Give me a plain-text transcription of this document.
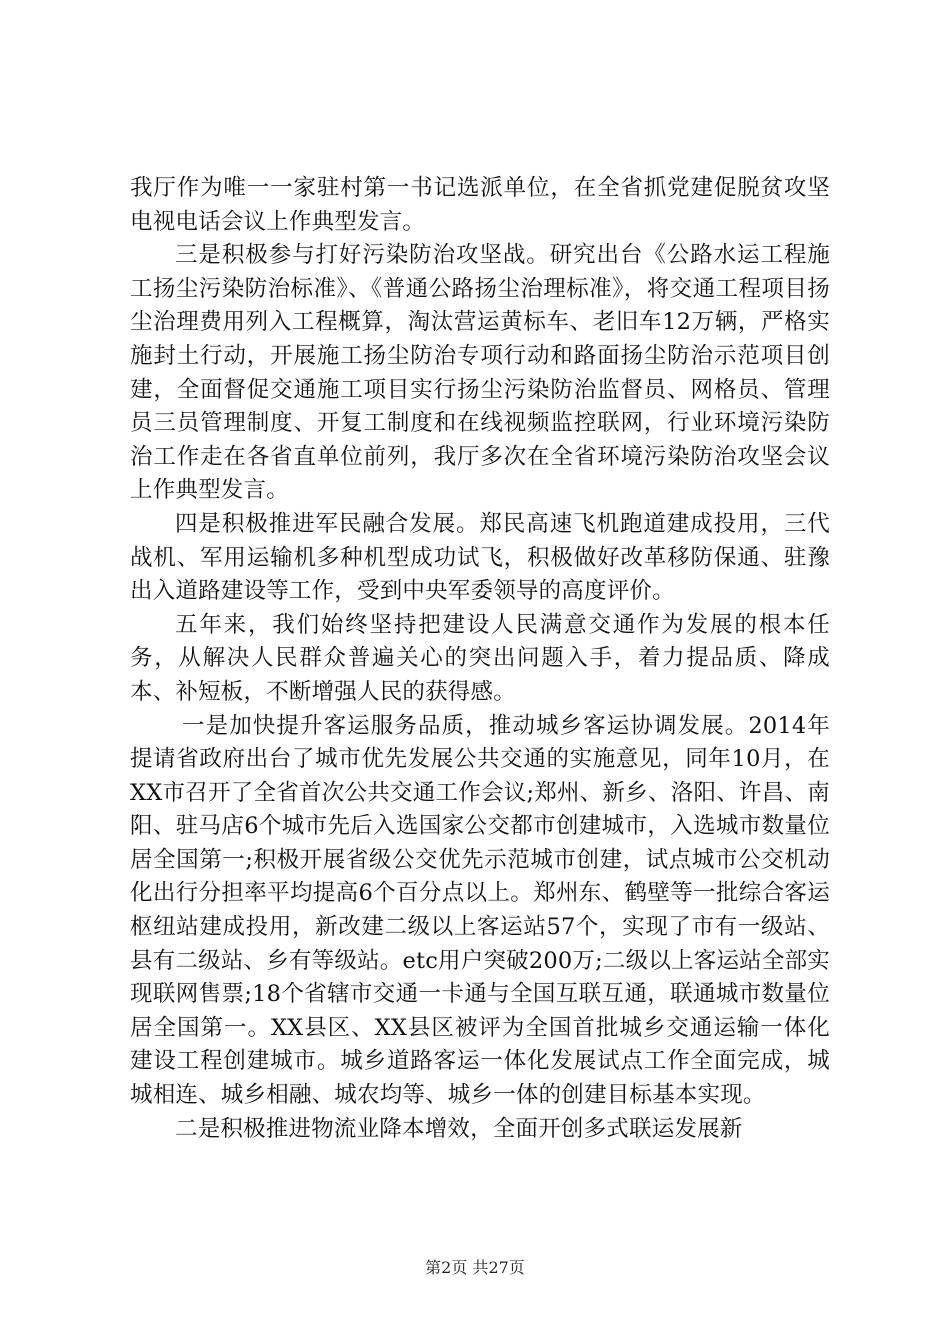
我厅作为唯一一家驻村第一书记选派单位，在全省抓党建促脱贫攻坚电视电话会议上作典型发言。

三是积极参与打好污染防治攻坚战。研究出台《公路水运工程施工扬尘污染防治标准》、《普通公路扬尘治理标准》，将交通工程项目扬尘治理费用列入工程概算，淘汰营运黄标车、老旧车12万辆，严格实施封土行动，开展施工扬尘防治专项行动和路面扬尘防治示范项目创建，全面督促交通施工项目实行扬尘污染防治监督员、网格员、管理员三员管理制度、开复工制度和在线视频监控联网，行业环境污染防治工作走在各省直单位前列，我厅多次在全省环境污染防治攻坚会议上作典型发言。

四是积极推进军民融合发展。郑民高速飞机跑道建成投用，三代战机、军用运输机多种机型成功试飞，积极做好改革移防保通、驻豫出入道路建设等工作，受到中央军委领导的高度评价。

五年来，我们始终坚持把建设人民满意交通作为发展的根本任务，从解决人民群众普遍关心的突出问题入手，着力提品质、降成本、补短板，不断增强人民的获得感。

一是加快提升客运服务品质，推动城乡客运协调发展。2014年提请省政府出台了城市优先发展公共交通的实施意见，同年10月，在XX市召开了全省首次公共交通工作会议;郑州、新乡、洛阳、许昌、南阳、驻马店6个城市先后入选国家公交都市创建城市，入选城市数量位居全国第一;积极开展省级公交优先示范城市创建，试点城市公交机动化出行分担率平均提高6个百分点以上。郑州东、鹤壁等一批综合客运枢纽站建成投用，新改建二级以上客运站57个，实现了市有一级站、县有二级站、乡有等级站。etc用户突破200万;二级以上客运站全部实现联网售票;18个省辖市交通一卡通与全国互联互通，联通城市数量位居全国第一。XX县区、XX县区被评为全国首批城乡交通运输一体化建设工程创建城市。城乡道路客运一体化发展试点工作全面完成，城城相连、城乡相融、城农均等、城乡一体的创建目标基本实现。

二是积极推进物流业降本增效，全面开创多式联运发展新

第2页 共27页
